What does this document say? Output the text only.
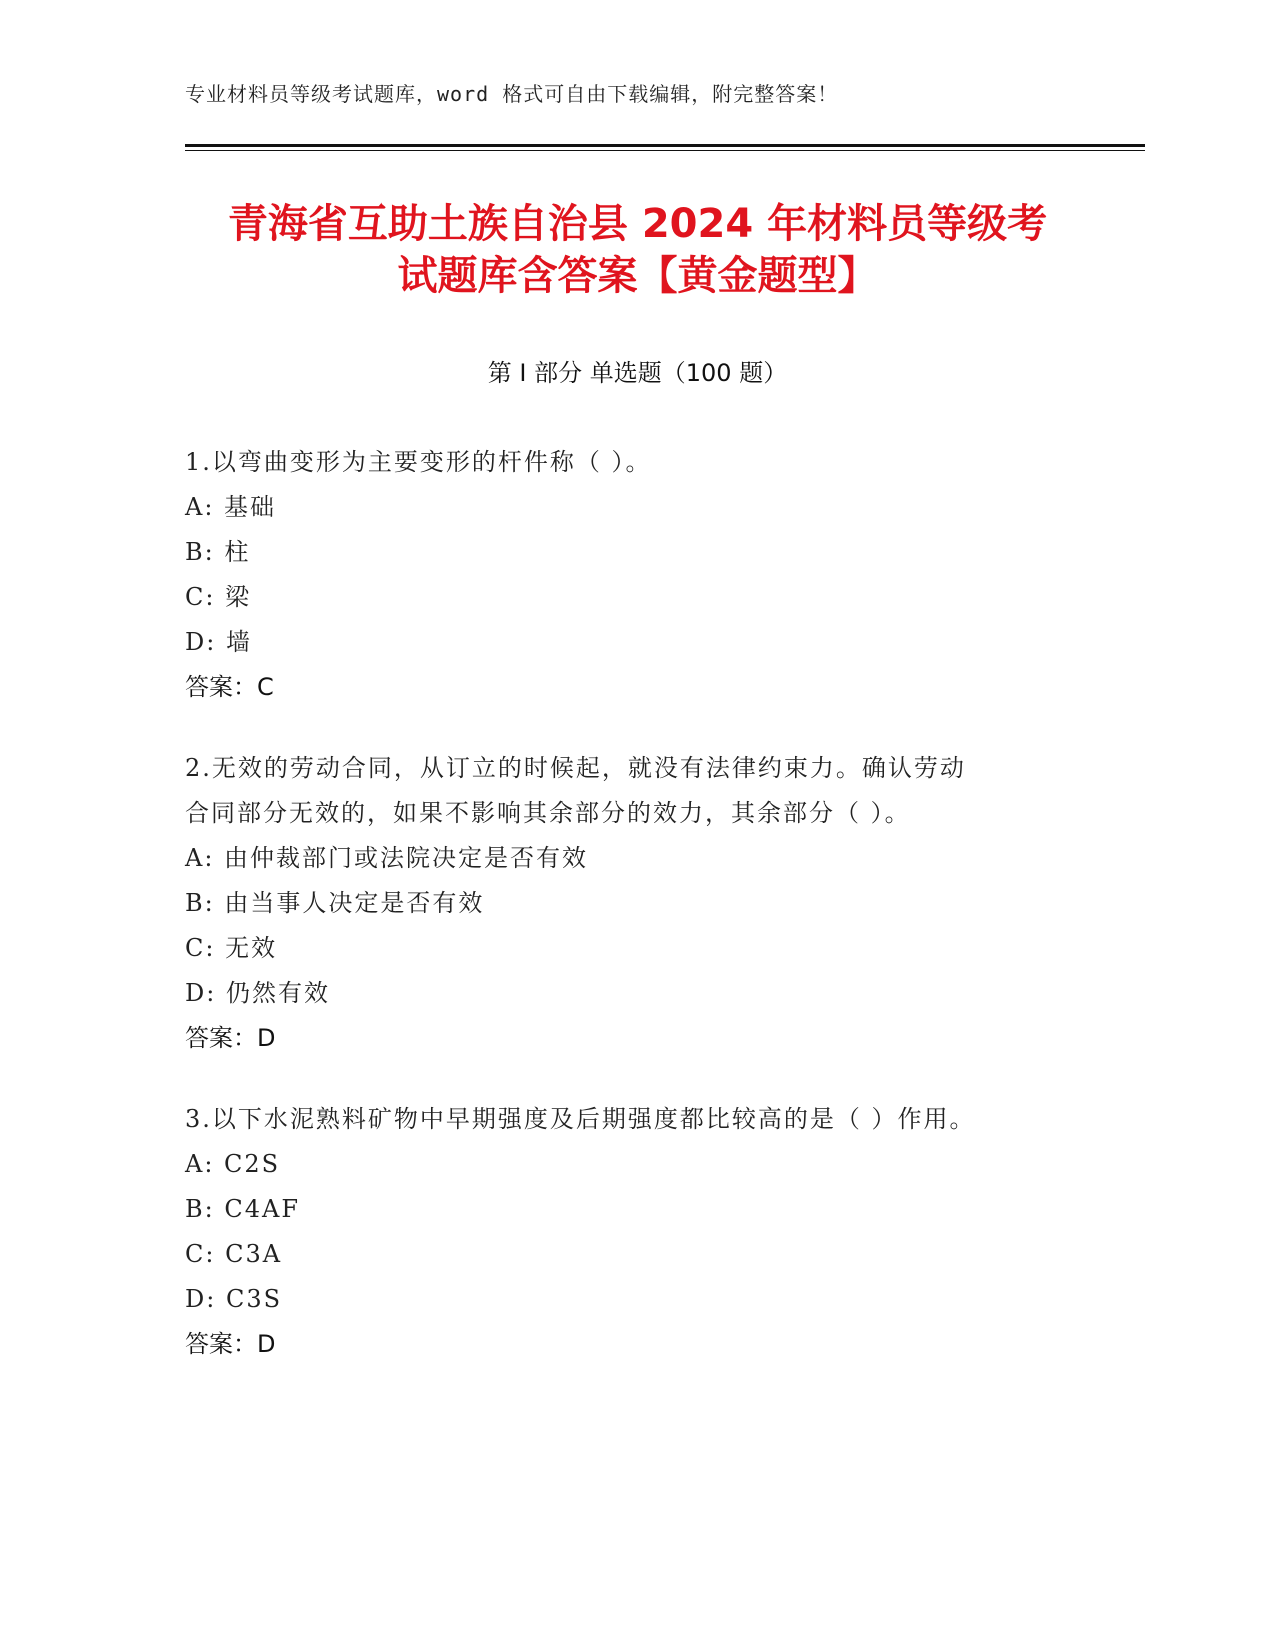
专业材料员等级考试题库，word 格式可自由下载编辑，附完整答案！
青海省互助土族自治县 2024 年材料员等级考
试题库含答案【黄金题型】
第 I 部分 单选题（100 题）
1.以弯曲变形为主要变形的杆件称（ ）。
A: 基础
B: 柱
C: 梁
D: 墙
答案：C
2.无效的劳动合同，从订立的时候起，就没有法律约束力。确认劳动
合同部分无效的，如果不影响其余部分的效力，其余部分（ ）。
A: 由仲裁部门或法院决定是否有效
B: 由当事人决定是否有效
C: 无效
D: 仍然有效
答案：D
3.以下水泥熟料矿物中早期强度及后期强度都比较高的是（ ）作用。
A: C2S
B: C4AF
C: C3A
D: C3S
答案：D
